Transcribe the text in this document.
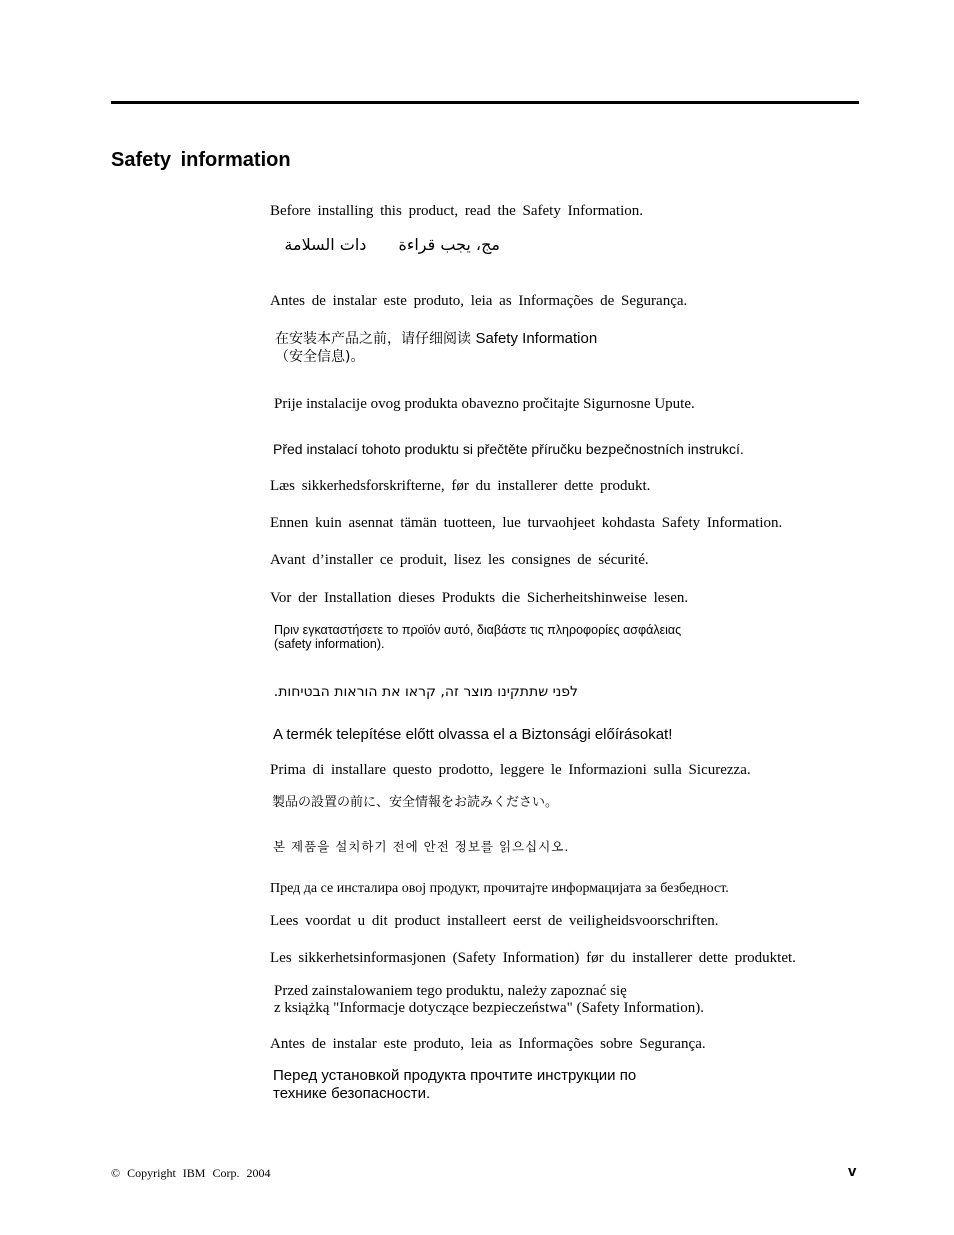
Safety information
Before installing this product, read the Safety Information.
مج، يجب قراءةدات السلامة
Antes de instalar este produto, leia as Informações de Segurança.
在安装本产品之前，请仔细阅读 Safety Information
（安全信息)。
Prije instalacije ovog produkta obavezno pročitajte Sigurnosne Upute.
Před instalací tohoto produktu si přečtěte příručku bezpečnostních instrukcí.
Læs sikkerhedsforskrifterne, før du installerer dette produkt.
Ennen kuin asennat tämän tuotteen, lue turvaohjeet kohdasta Safety Information.
Avant d’installer ce produit, lisez les consignes de sécurité.
Vor der Installation dieses Produkts die Sicherheitshinweise lesen.
Πριν εγκαταστήσετε το προϊόν αυτό, διαβάστε τις πληροφορίες ασφάλειας
(safety information).
לפני שתתקינו מוצר זה, קראו את הוראות הבטיחות.
A termék telepítése előtt olvassa el a Biztonsági előírásokat!
Prima di installare questo prodotto, leggere le Informazioni sulla Sicurezza.
製品の設置の前に、安全情報をお読みください。
본 제품을 설치하기 전에 안전 정보를 읽으십시오.
Пред да се инсталира овој продукт, прочитајте информацијата за безбедност.
Lees voordat u dit product installeert eerst de veiligheidsvoorschriften.
Les sikkerhetsinformasjonen (Safety Information) før du installerer dette produktet.
Przed zainstalowaniem tego produktu, należy zapoznać się
z książką "Informacje dotyczące bezpieczeństwa" (Safety Information).
Antes de instalar este produto, leia as Informações sobre Segurança.
Перед установкой продукта прочтите инструкции по
технике безопасности.
© Copyright IBM Corp. 2004	v
